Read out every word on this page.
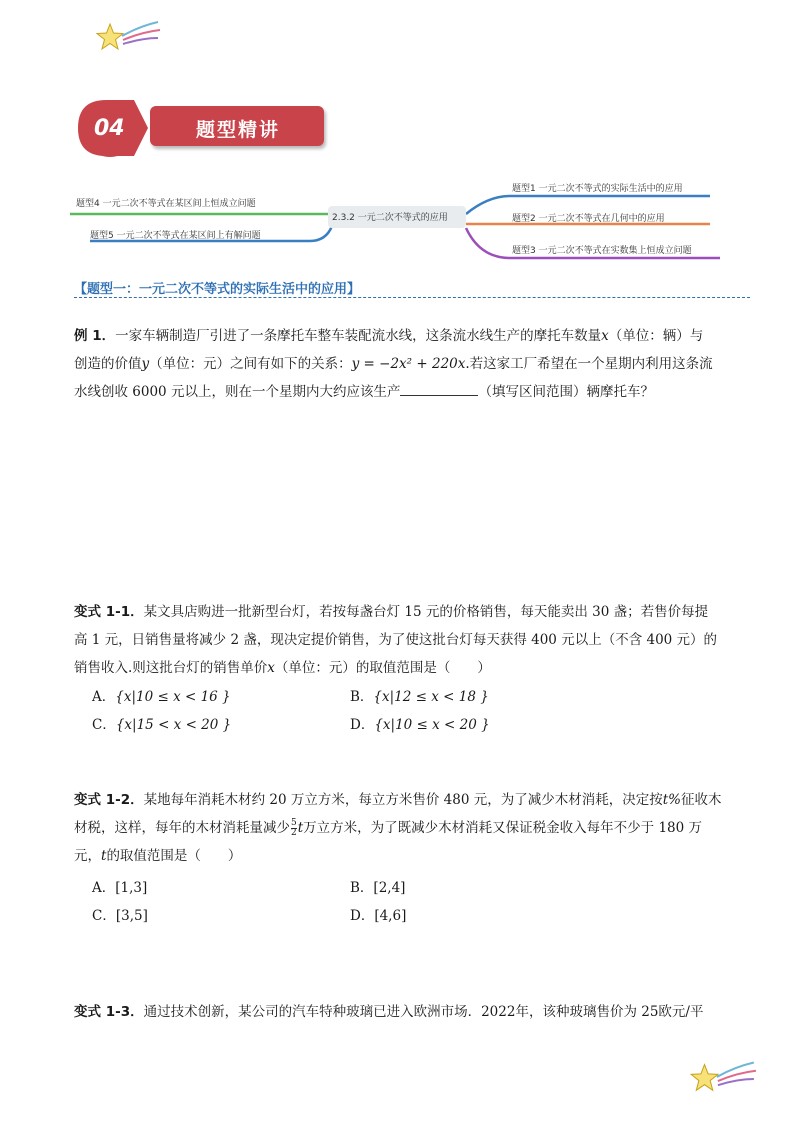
04	题型精讲
2.3.2 一元二次不等式的应用
题型4 一元二次不等式在某区间上恒成立问题
题型5 一元二次不等式在某区间上有解问题
题型1 一元二次不等式的实际生活中的应用
题型2 一元二次不等式在几何中的应用
题型3 一元二次不等式在实数集上恒成立问题
【题型一：一元二次不等式的实际生活中的应用】
例 1．一家车辆制造厂引进了一条摩托车整车装配流水线，这条流水线生产的摩托车数量x（单位：辆）与
创造的价值y（单位：元）之间有如下的关系：y = −2x² + 220x.若这家工厂希望在一个星期内利用这条流
水线创收 6000 元以上，则在一个星期内大约应该生产	（填写区间范围）辆摩托车？
变式 1-1．某文具店购进一批新型台灯，若按每盏台灯 15 元的价格销售，每天能卖出 30 盏；若售价每提
高 1 元，日销售量将减少 2 盏，现决定提价销售，为了使这批台灯每天获得 400 元以上（不含 400 元）的
销售收入.则这批台灯的销售单价x（单位：元）的取值范围是（　　）
A．{x|10 ≤ x < 16 }	B．{x|12 ≤ x < 18 }
C．{x|15 < x < 20 }	D．{x|10 ≤ x < 20 }
变式 1-2．某地每年消耗木材约 20 万立方米，每立方米售价 480 元，为了减少木材消耗，决定按t%征收木
材税，这样，每年的木材消耗量减少 $\frac{5}{2}$ t万立方米，为了既减少木材消耗又保证税金收入每年不少于 180 万
元，t的取值范围是（　　）
A．[1,3]	B．[2,4]
C．[3,5]	D．[4,6]
变式 1-3．通过技术创新，某公司的汽车特种玻璃已进入欧洲市场．2022年，该种玻璃售价为 25欧元/平
